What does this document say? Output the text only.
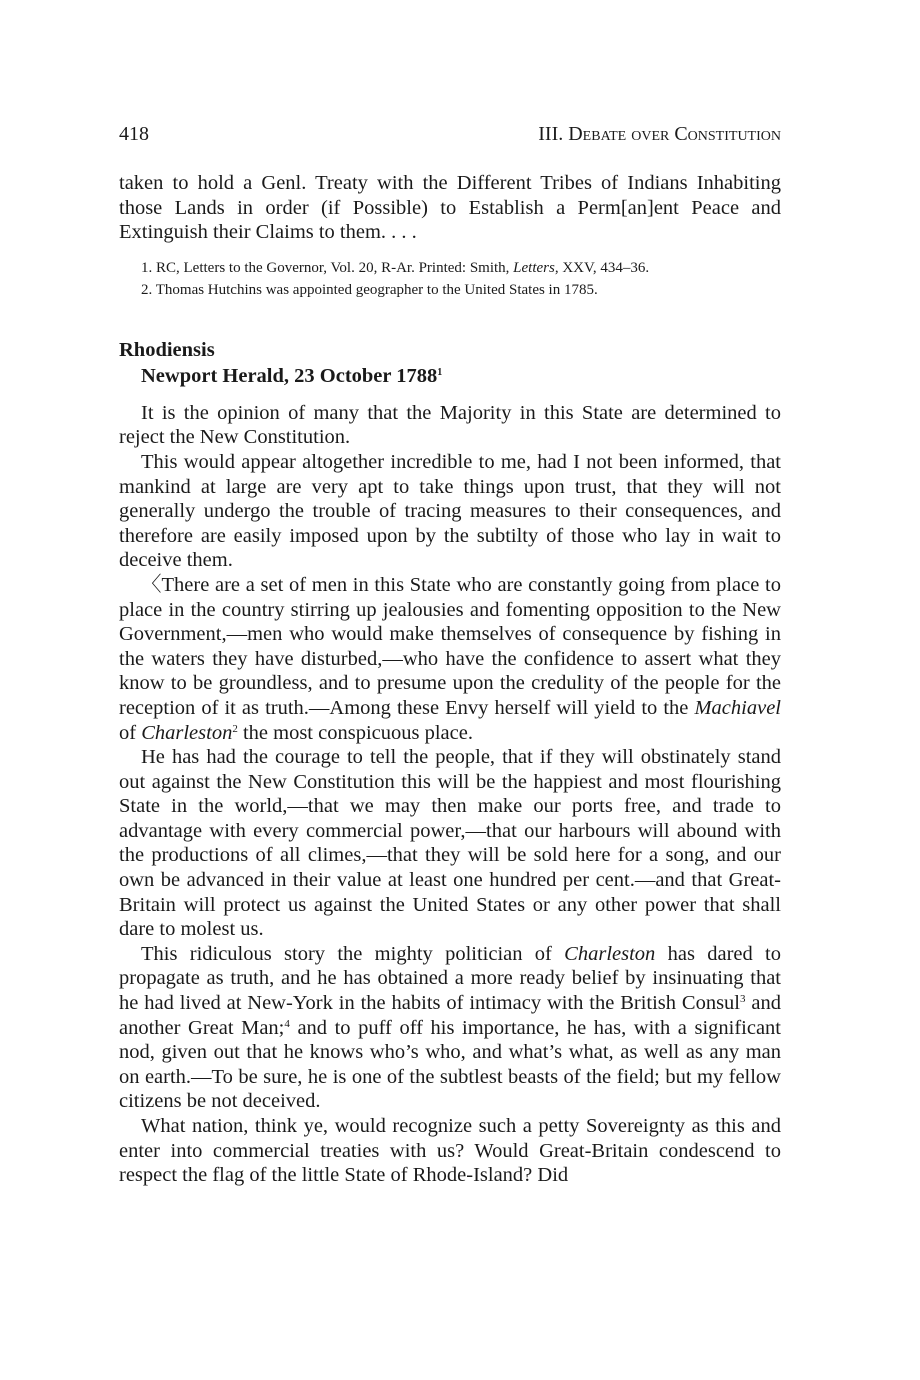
418	III. Debate over Constitution

taken to hold a Genl. Treaty with the Different Tribes of Indians Inhabiting those Lands in order (if Possible) to Establish a Perm[an]ent Peace and Extinguish their Claims to them. . . .

1. RC, Letters to the Governor, Vol. 20, R-Ar. Printed: Smith, Letters, XXV, 434–36.
2. Thomas Hutchins was appointed geographer to the United States in 1785.
Rhodiensis
Newport Herald, 23 October 1788$^1$

It is the opinion of many that the Majority in this State are determined to reject the New Constitution.

This would appear altogether incredible to me, had I not been informed, that mankind at large are very apt to take things upon trust, that they will not generally undergo the trouble of tracing measures to their consequences, and therefore are easily imposed upon by the subtilty of those who lay in wait to deceive them.

〈There are a set of men in this State who are constantly going from place to place in the country stirring up jealousies and fomenting opposition to the New Government,—men who would make themselves of consequence by fishing in the waters they have disturbed,—who have the confidence to assert what they know to be groundless, and to presume upon the credulity of the people for the reception of it as truth.—Among these Envy herself will yield to the Machiavel of Charleston$^2$ the most conspicuous place.

He has had the courage to tell the people, that if they will obstinately stand out against the New Constitution this will be the happiest and most flourishing State in the world,—that we may then make our ports free, and trade to advantage with every commercial power,—that our harbours will abound with the productions of all climes,—that they will be sold here for a song, and our own be advanced in their value at least one hundred per cent.—and that Great-Britain will protect us against the United States or any other power that shall dare to molest us.

This ridiculous story the mighty politician of Charleston has dared to propagate as truth, and he has obtained a more ready belief by insinuating that he had lived at New-York in the habits of intimacy with the British Consul$^3$ and another Great Man;$^4$ and to puff off his importance, he has, with a significant nod, given out that he knows who’s who, and what’s what, as well as any man on earth.—To be sure, he is one of the subtlest beasts of the field; but my fellow citizens be not deceived.

What nation, think ye, would recognize such a petty Sovereignty as this and enter into commercial treaties with us? Would Great-Britain condescend to respect the flag of the little State of Rhode-Island? Did
